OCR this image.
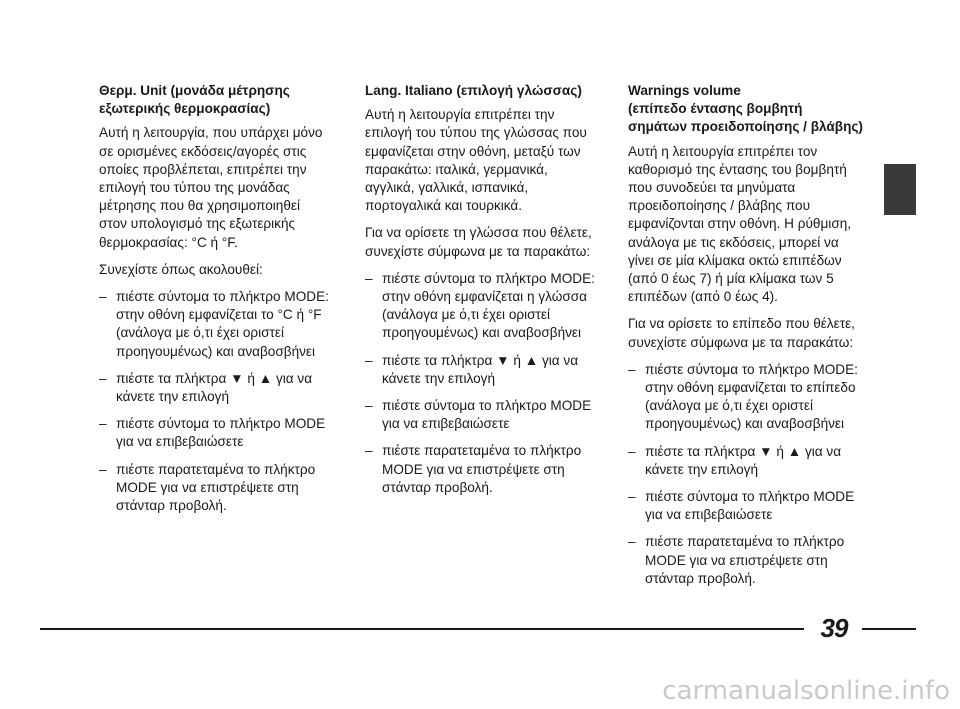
Θερμ. Unit (μονάδα μέτρησης
εξωτερικής θερμοκρασίας)

Αυτή η λειτουργία, που υπάρχει μόνο σε ορισμένες εκδόσεις/αγορές στις οποίες προβλέπεται, επιτρέπει την επιλογή του τύπου της μονάδας μέτρησης που θα χρησιμοποιηθεί στον υπολογισμό της εξωτερικής θερμοκρασίας: °C ή °F.

Συνεχίστε όπως ακολουθεί:

– πιέστε σύντομα το πλήκτρο MODE: στην οθόνη εμφανίζεται το °C ή °F (ανάλογα με ό,τι έχει οριστεί προηγουμένως) και αναβοσβήνει
– πιέστε τα πλήκτρα ▼ ή ▲ για να κάνετε την επιλογή
– πιέστε σύντομα το πλήκτρο MODE για να επιβεβαιώσετε
– πιέστε παρατεταμένα το πλήκτρο MODE για να επιστρέψετε στη στάνταρ προβολή.

Lang. Italiano (επιλογή γλώσσας)

Αυτή η λειτουργία επιτρέπει την επιλογή του τύπου της γλώσσας που εμφανίζεται στην οθόνη, μεταξύ των παρακάτω: ιταλικά, γερμανικά, αγγλικά, γαλλικά, ισπανικά, πορτογαλικά και τουρκικά.

Για να ορίσετε τη γλώσσα που θέλετε, συνεχίστε σύμφωνα με τα παρακάτω:

– πιέστε σύντομα το πλήκτρο MODE: στην οθόνη εμφανίζεται η γλώσσα (ανάλογα με ό,τι έχει οριστεί προηγουμένως) και αναβοσβήνει
– πιέστε τα πλήκτρα ▼ ή ▲ για να κάνετε την επιλογή
– πιέστε σύντομα το πλήκτρο MODE για να επιβεβαιώσετε
– πιέστε παρατεταμένα το πλήκτρο MODE για να επιστρέψετε στη στάνταρ προβολή.

Warnings volume
(επίπεδο έντασης βομβητή
σημάτων προειδοποίησης / βλάβης)

Αυτή η λειτουργία επιτρέπει τον καθορισμό της έντασης του βομβητή που συνοδεύει τα μηνύματα προειδοποίησης / βλάβης που εμφανίζονται στην οθόνη. Η ρύθμιση, ανάλογα με τις εκδόσεις, μπορεί να γίνει σε μία κλίμακα οκτώ επιπέδων (από 0 έως 7) ή μία κλίμακα των 5 επιπέδων (από 0 έως 4).

Για να ορίσετε το επίπεδο που θέλετε, συνεχίστε σύμφωνα με τα παρακάτω:

– πιέστε σύντομα το πλήκτρο MODE: στην οθόνη εμφανίζεται το επίπεδο (ανάλογα με ό,τι έχει οριστεί προηγουμένως) και αναβοσβήνει
– πιέστε τα πλήκτρα ▼ ή ▲ για να κάνετε την επιλογή
– πιέστε σύντομα το πλήκτρο MODE για να επιβεβαιώσετε
– πιέστε παρατεταμένα το πλήκτρο MODE για να επιστρέψετε στη στάνταρ προβολή.
39
carmanualsonline.info
